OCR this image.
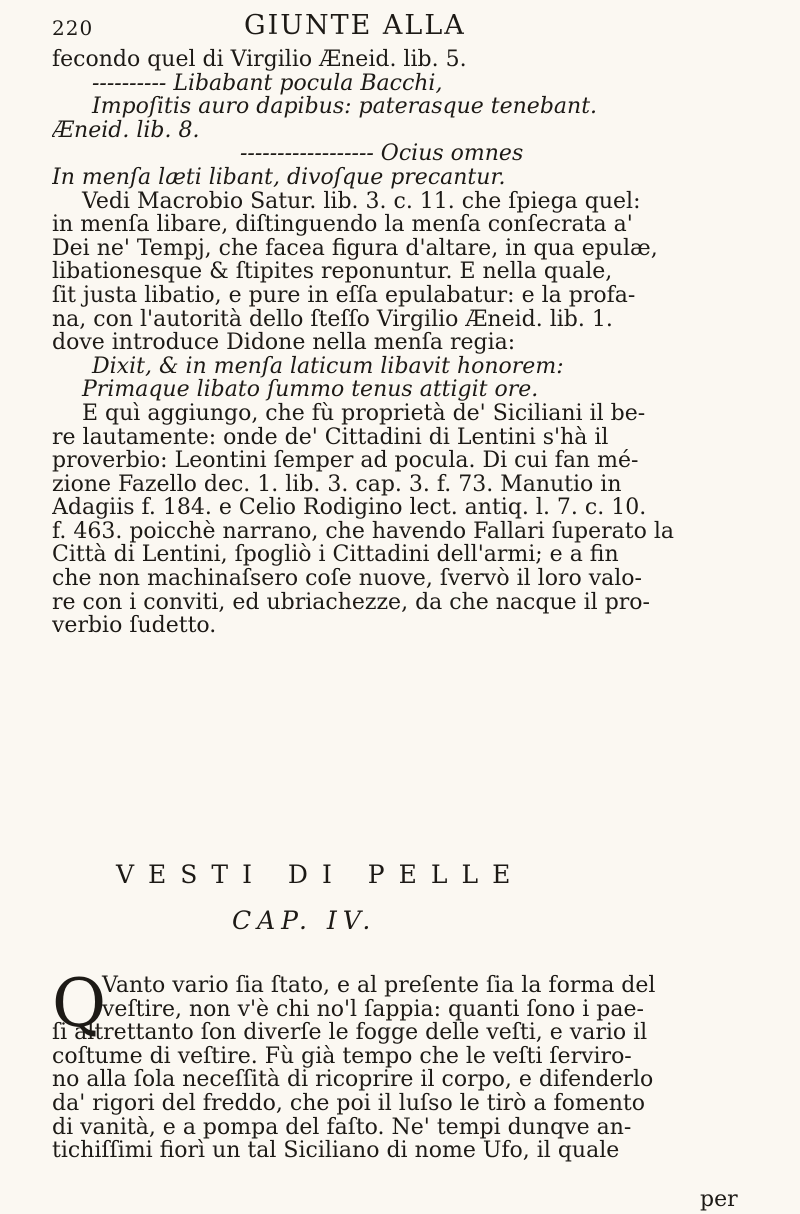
220	GIUNTE ALLA
fecondo quel di Virgilio Æneid. lib. 5.
---------- Libabant pocula Bacchi,
Impoſitis auro dapibus: paterasque tenebant.
Æneid. lib. 8.
------------------ Ocius omnes
In menſa læti libant, divoſque precantur.
Vedi Macrobio Satur. lib. 3. c. 11. che ſpiega quel:
in menſa libare, diſtinguendo la menſa conſecrata a'
Dei ne' Tempj, che facea figura d'altare, in qua epulæ,
libationesque & ſtipites reponuntur. E nella quale,
ſit justa libatio, e pure in eſſa epulabatur: e la profa-
na, con l'autorità dello ſteſſo Virgilio Æneid. lib. 1.
dove introduce Didone nella menſa regia:
Dixit, & in menſa laticum libavit honorem:
Primaque libato ſummo tenus attigit ore.
E quì aggiungo, che fù proprietà de' Siciliani il be-
re lautamente: onde de' Cittadini di Lentini s'hà il
proverbio: Leontini ſemper ad pocula. Di cui fan mé-
zione Fazello dec. 1. lib. 3. cap. 3. f. 73. Manutio in
Adagiis f. 184. e Celio Rodigino lect. antiq. l. 7. c. 10.
f. 463. poicchè narrano, che havendo Fallari ſuperato la
Città di Lentini, ſpogliò i Cittadini dell'armi; e a fin
che non machinaſsero coſe nuove, ſvervò il loro valo-
re con i conviti, ed ubriachezze, da che nacque il pro-
verbio ſudetto.
VESTI DI PELLE
CAP. IV.
Q
Vanto vario ſia ſtato, e al preſente ſia la forma del
veſtire, non v'è chi no'l ſappia: quanti ſono i pae-
ſi altrettanto ſon diverſe le fogge delle veſti, e vario il
coſtume di veſtire. Fù già tempo che le veſti ſerviro-
no alla ſola neceſſità di ricoprire il corpo, e difenderlo
da' rigori del freddo, che poi il luſso le tirò a fomento
di vanità, e a pompa del faſto. Ne' tempi dunqve an-
tichiſſimi fiorì un tal Siciliano di nome Ufo, il quale
per
